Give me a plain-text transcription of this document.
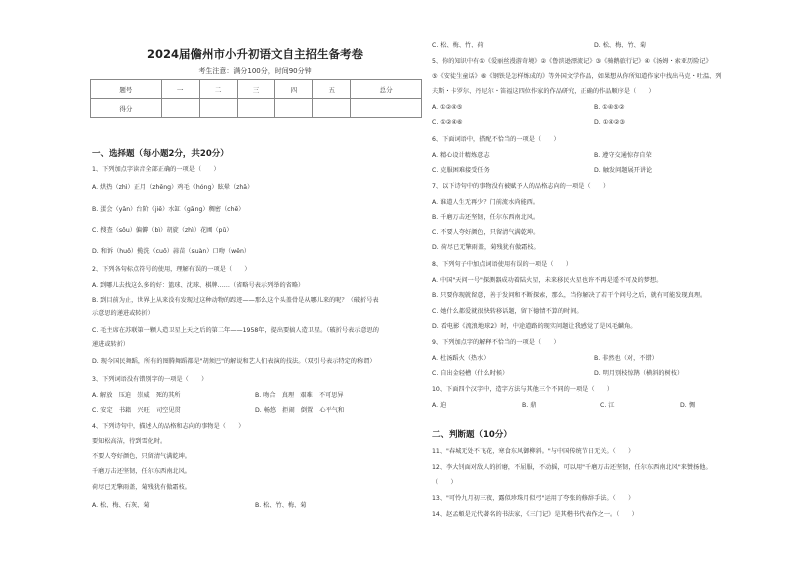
2024届儋州市小升初语文自主招生备考卷
考生注意：满分100分，时间90分钟
题号	一	二	三	四	五	总分
得分						
一、选择题（每小题2分，共20分）
1、下列加点字读音全部正确的一项是（　　）
A. 烘热（zhì）正月（zhēng）鸡毛（hóng）眩晕（zhā）
B. 蛋会（yān）台阶（jiē）水缸（gāng）稠密（chē）
C. 搜查（sōu）偏僻（bì）胡旋（zhì）花圃（pǔ）
D. 和诉（huō）揽洗（cuō）蒜苗（suàn）口吻（wěn）
2、下列各句标点符号的使用，理解有误的一项是（　　）
A. 到哪儿去找这么多的好：篮球、沈球、棋牌……（省略号表示列举的省略）
B. 到目前为止，世界上从来没有发现过这种动物的踪迹——那么这个头盖骨是从哪儿来的呢？（破折号表
示意思的递进或转折）
C. 毛主席在苏联第一颗人造卫星上天之后的第二年——1958年，提出要搞人造卫星。（破折号表示意思的
递进或转折）
D. 现今国民舞蹈，所有的图腾舞蹈都是"胡须巴"的解说和艺人们表演的技法。（双引号表示特定的称谓）
3、下列词语没有错别字的一项是（　　）
A. 解放　压迫　崇威　死的其所	B. 吻合　真理　艰难　不可思异
C. 安定　书籍　兴旺　司空见贯	D. 畅悠　拒闹　倒置　心平气和
4、下列诗句中，描述人的品格和志向的事物是（　　）
要知松高洁，待到雪化时。
不要人夸好颜色，只留清气满乾坤。
千磨万击还坚韧，任尔东西南北风。
荷尽已无擎雨盖，菊残犹有傲霜枝。
A. 松、梅、石灰、菊	B. 松、竹、梅、菊
C. 松、梅、竹、荷	D. 松、梅、竹、菊
5、你的知识中有①《爱丽丝漫游奇境》②《鲁滨逊漂流记》③《骑鹅旅行记》④《汤姆・索亚历险记》
⑤《安徒生童话》⑥《钢铁是怎样炼成的》等外国文学作品，如果想从你所知道作家中找出马克・吐温、列
夫斯・卡罗尔、丹尼尔・笛福这四位作家的作品研究，正确的作品顺序是（　　）
A. ①②④⑤	B. ①④⑤②
C. ①②④⑥	D. ①④②③
6、下面词语中，搭配不恰当的一项是（　　）
A. 精心设计精炼意志	B. 遵守交通惊存自荣
C. 克服困难接受任务	D. 触发问题展开讲论
7、以下诗句中的事物没有被赋予人的品格志向的一项是（　　）
A. 谁道人生无再少？门前流水尚能西。
B. 千磨万击还坚韧，任尔东西南北风。
C. 不要人夸好颜色，只留清气满乾坤。
D. 荷尽已无擎雨盖，菊残犹有傲霜枝。
8、下列句子中加点词语使用有误的一项是（　　）
A. 中国"天问一号"探测器成功着陆火星，未来移民火星也许不再是遥不可及的梦想。
B. 只要你现就留意，善于发问和不断探索，那么，当你解决了若干个问号之后，就有可能发现真理。
C. 她什么都爱就很快转移话题，留下德情不算的时间。
D. 看电影《流浪地球2》时，中途道路的现实问题让我感觉了是风毛麟角。
9、下列加点字的解释不恰当的一项是（　　）
A. 杜汤蹈火（热水）	B. 非然也（对，不错）
C. 自出金轻槽（什么时候）	D. 明月别枝惊鹊（横斜的树枝）
10、下面四个汉字中，造字方法与其他三个不同的一项是（　　）
A. 迫	B. 鼎	C. 江	D. 惆
二、判断题（10分）
11、"春城无处不飞花，寒食东风御柳斜。"与中国传统节日无关。（　　）
12、李大钊面对敌人的折磨，不屈服，不动摇，可以用"千磨万击还坚韧，任尔东西南北风"来赞扬他。
（　　）
13、"可怜九月初三夜，露似珍珠月似弓"运用了夸张的修辞手法。（　　）
14、赵孟頫是元代著名的书法家，《三门记》是其楷书代表作之一。（　　）
